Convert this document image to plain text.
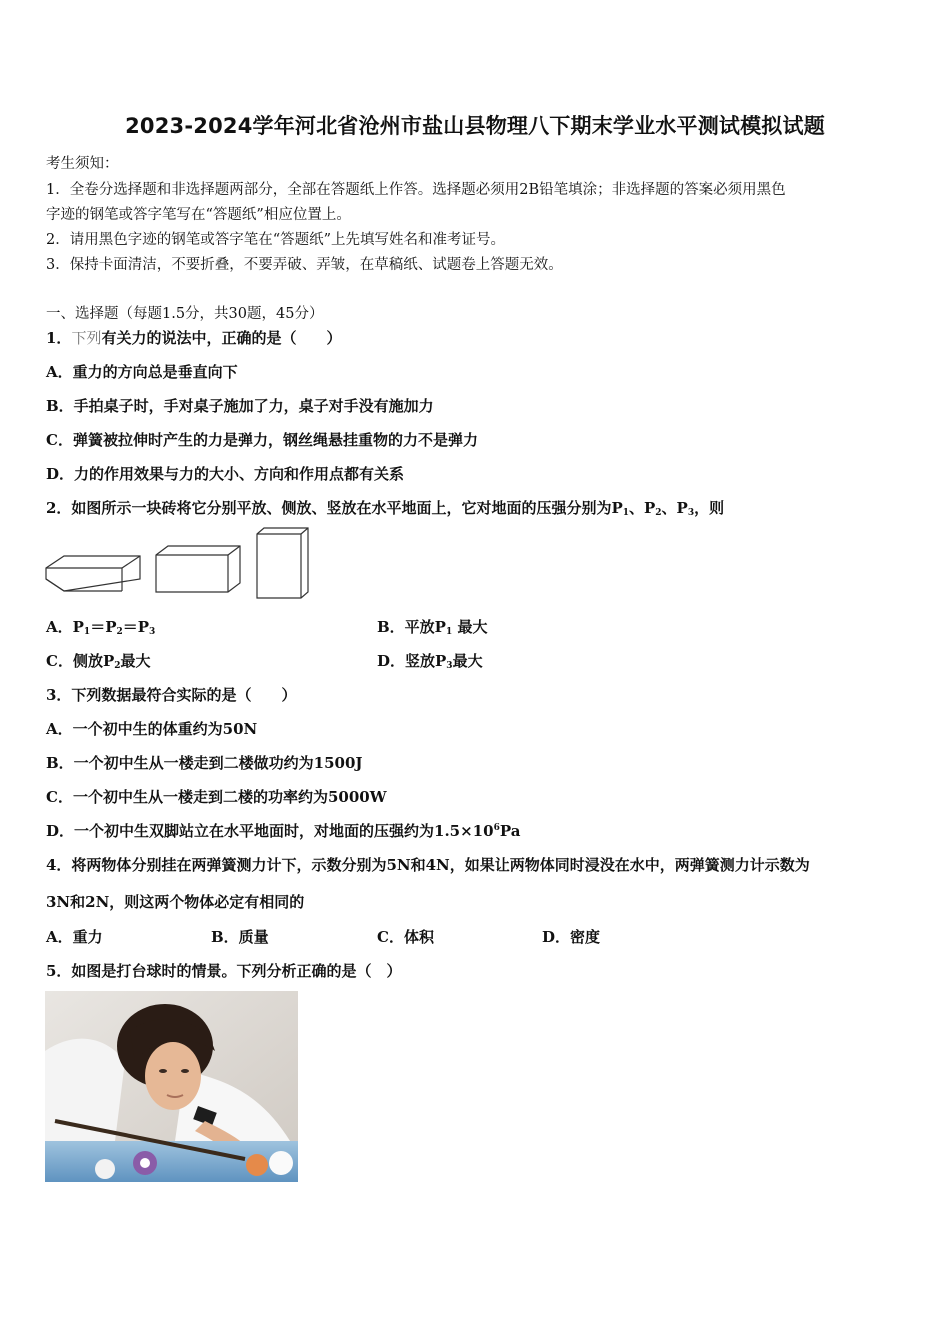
2023-2024学年河北省沧州市盐山县物理八下期末学业水平测试模拟试题
考生须知：
1．全卷分选择题和非选择题两部分，全部在答题纸上作答。选择题必须用2B铅笔填涂；非选择题的答案必须用黑色
字迹的钢笔或答字笔写在“答题纸”相应位置上。
2．请用黑色字迹的钢笔或答字笔在“答题纸”上先填写姓名和准考证号。
3．保持卡面清洁，不要折叠，不要弄破、弄皱，在草稿纸、试题卷上答题无效。
一、选择题（每题1.5分，共30题，45分）
1．下列有关力的说法中，正确的是（　　）
A．重力的方向总是垂直向下
B．手拍桌子时，手对桌子施加了力，桌子对手没有施加力
C．弹簧被拉伸时产生的力是弹力，钢丝绳悬挂重物的力不是弹力
D．力的作用效果与力的大小、方向和作用点都有关系
2．如图所示一块砖将它分别平放、侧放、竖放在水平地面上，它对地面的压强分别为$P_1$、$P_2$、$P_3$，则
A．$P_1=P_2=P_3$	B．平放$P_1$ 最大
C．侧放$P_2$最大	D．竖放$P_3$最大
3．下列数据最符合实际的是（　　）
A．一个初中生的体重约为50N
B．一个初中生从一楼走到二楼做功约为1500J
C．一个初中生从一楼走到二楼的功率约为5000W
D．一个初中生双脚站立在水平地面时，对地面的压强约为$1.5\times 10^6Pa$
4．将两物体分别挂在两弹簧测力计下，示数分别为5N和4N，如果让两物体同时浸没在水中，两弹簧测力计示数为
3N和2N，则这两个物体必定有相同的
A．重力	B．质量	C．体积	D．密度
5．如图是打台球时的情景。下列分析正确的是（　）
